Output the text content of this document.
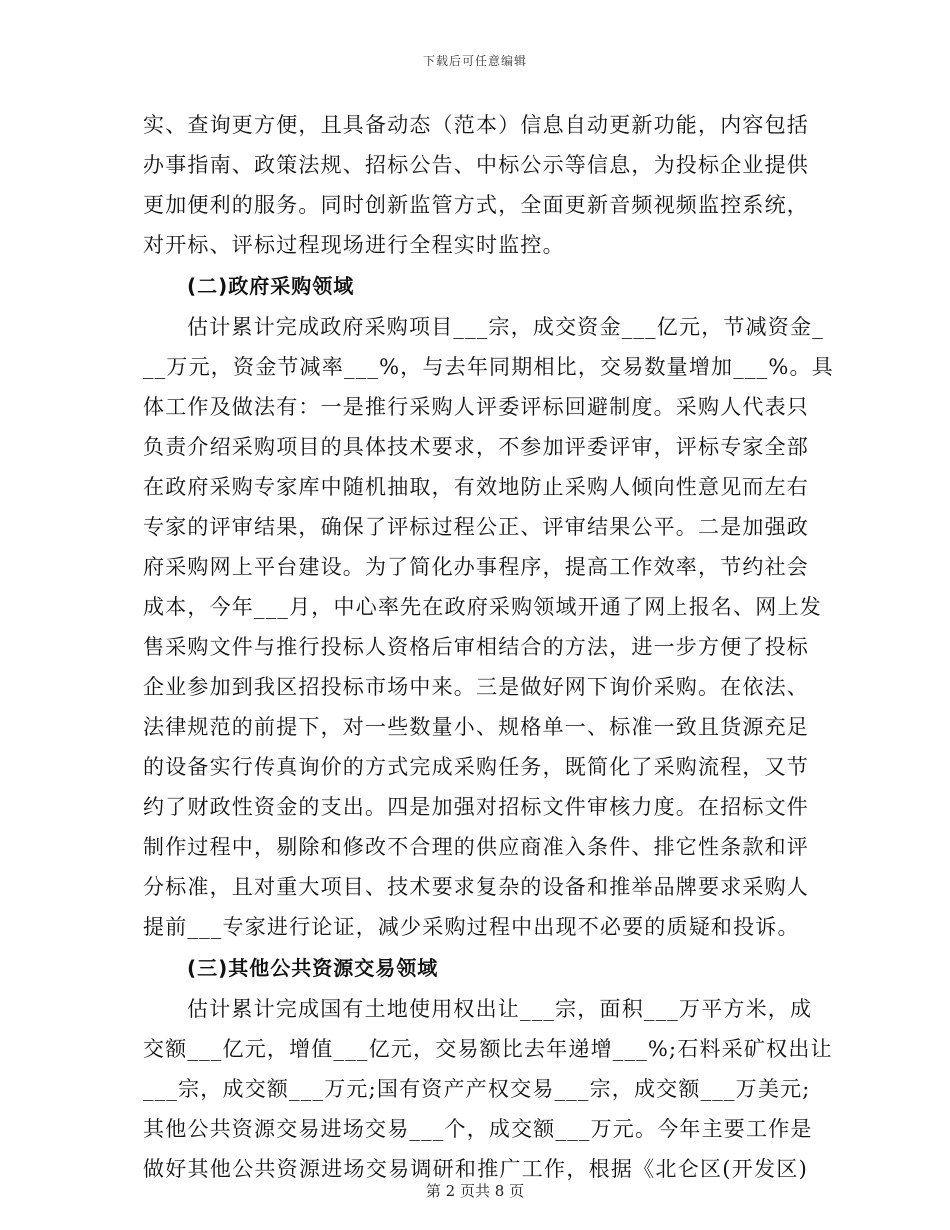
下载后可任意编辑
实、查询更方便，且具备动态（范本）信息自动更新功能，内容包括
办事指南、政策法规、招标公告、中标公示等信息，为投标企业提供
更加便利的服务。同时创新监管方式，全面更新音频视频监控系统，
对开标、评标过程现场进行全程实时监控。
(二)政府采购领域
估计累计完成政府采购项目___宗，成交资金___亿元，节减资金_
__万元，资金节减率___%，与去年同期相比，交易数量增加___%。具
体工作及做法有：一是推行采购人评委评标回避制度。采购人代表只
负责介绍采购项目的具体技术要求，不参加评委评审，评标专家全部
在政府采购专家库中随机抽取，有效地防止采购人倾向性意见而左右
专家的评审结果，确保了评标过程公正、评审结果公平。二是加强政
府采购网上平台建设。为了简化办事程序，提高工作效率，节约社会
成本，今年___月，中心率先在政府采购领域开通了网上报名、网上发
售采购文件与推行投标人资格后审相结合的方法，进一步方便了投标
企业参加到我区招投标市场中来。三是做好网下询价采购。在依法、
法律规范的前提下，对一些数量小、规格单一、标准一致且货源充足
的设备实行传真询价的方式完成采购任务，既简化了采购流程，又节
约了财政性资金的支出。四是加强对招标文件审核力度。在招标文件
制作过程中，剔除和修改不合理的供应商准入条件、排它性条款和评
分标准，且对重大项目、技术要求复杂的设备和推举品牌要求采购人
提前___专家进行论证，减少采购过程中出现不必要的质疑和投诉。
(三)其他公共资源交易领域
估计累计完成国有土地使用权出让___宗，面积___万平方米，成
交额___亿元，增值___亿元，交易额比去年递增___%;石料采矿权出让
___宗，成交额___万元;国有资产产权交易___宗，成交额___万美元;
其他公共资源交易进场交易___个，成交额___万元。今年主要工作是
做好其他公共资源进场交易调研和推广工作，根据《北仑区(开发区)
第 2 页共 8 页
